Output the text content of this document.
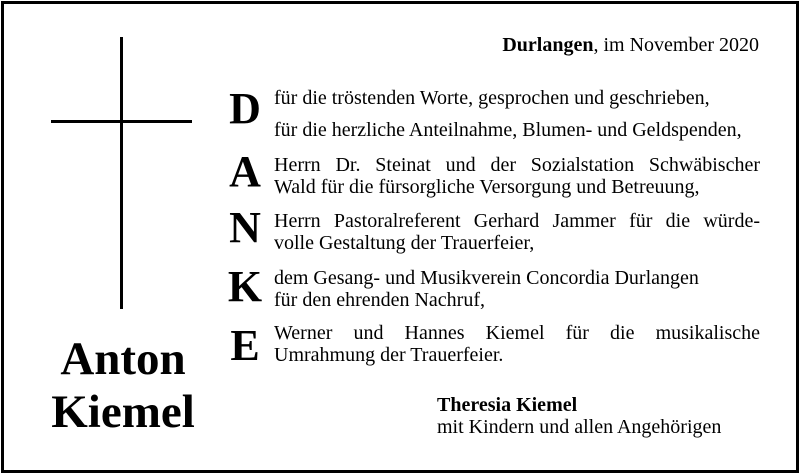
Anton
Kiemel
Durlangen, im November 2020
D
A
N
K
E
für die tröstenden Worte, gesprochen und geschrieben,
für die herzliche Anteilnahme, Blumen- und Geldspenden,
Herrn Dr. Steinat und der Sozialstation Schwäbischer
Wald für die fürsorgliche Versorgung und Betreuung,
Herrn Pastoralreferent Gerhard Jammer für die würde-
volle Gestaltung der Trauerfeier,
dem Gesang- und Musikverein Concordia Durlangen
für den ehrenden Nachruf,
Werner und Hannes Kiemel für die musikalische
Umrahmung der Trauerfeier.
Theresia Kiemel
mit Kindern und allen Angehörigen
